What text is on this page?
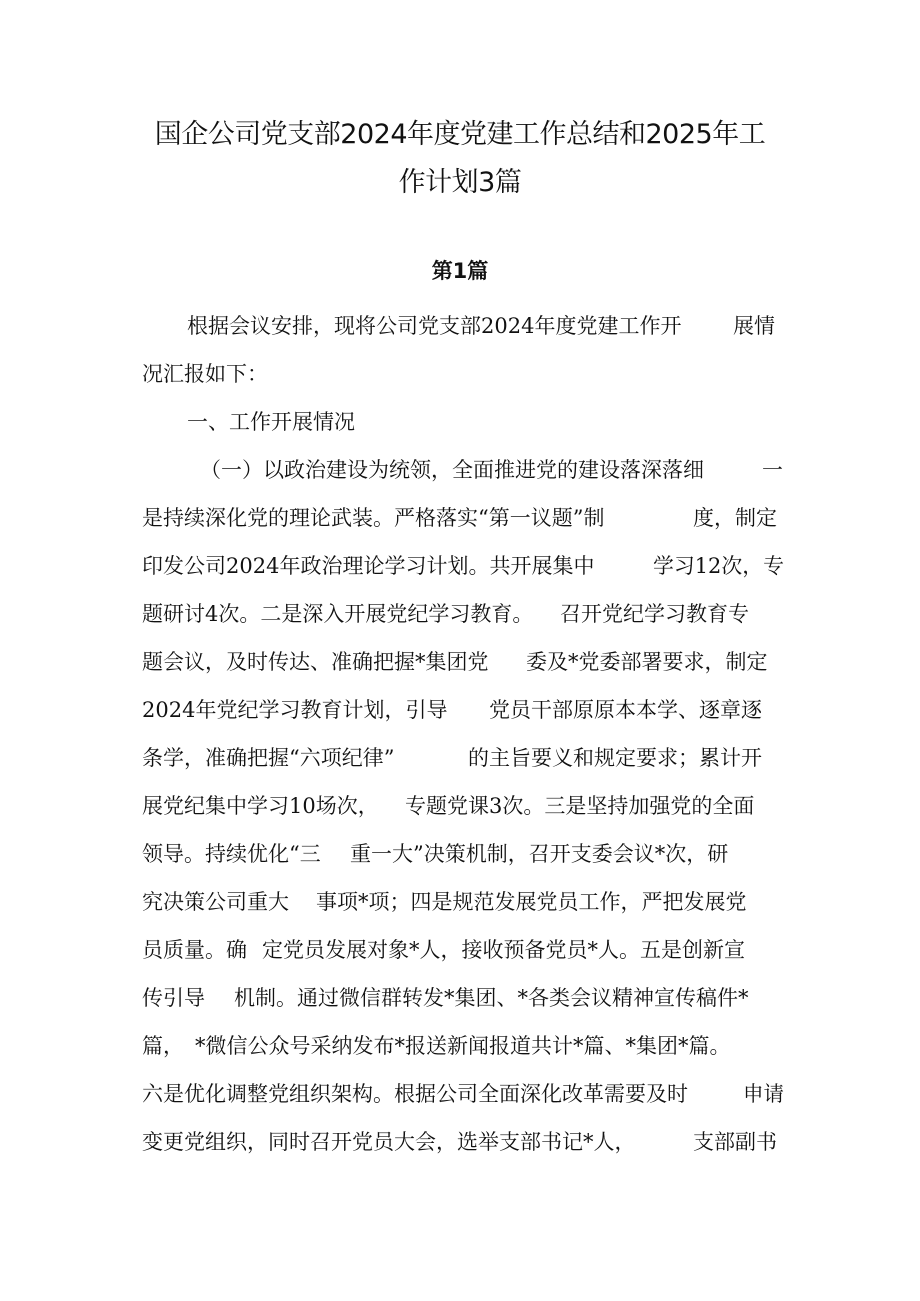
国企公司党支部2024年度党建工作总结和2025年工
作计划3篇
第1篇

根据会议安排，现将公司党支部2024年度党建工作开

展情

况汇报如下：

一、工作开展情况

（一）以政治建设为统领，全面推进党的建设落深落细

	一

是持续深化党的理论武装。严格落实“第一议题”制

	度，制定

印发公司2024年政治理论学习计划。共开展集中

	学习12次，专

题研讨4次。二是深入开展党纪学习教育。

召开党纪学习教育专

题会议，及时传达、准确把握*集团党

委及*党委部署要求，制定

2024年党纪学习教育计划，引导

党员干部原原本本学、逐章逐

条学，准确把握“六项纪律”

	的主旨要义和规定要求；累计开

展党纪集中学习10场次，

专题党课3次。三是坚持加强党的全面

领导。持续优化“三

重一大”决策机制，召开支委会议*次，研

究决策公司重大

事项*项；四是规范发展党员工作，严把发展党

员质量。确

定党员发展对象*人，接收预备党员*人。五是创新宣

传引导

机制。通过微信群转发*集团、*各类会议精神宣传稿件*

篇，

*微信公众号采纳发布*报送新闻报道共计*篇、*集团*篇。

六是优化调整党组织架构。根据公司全面深化改革需要及时

	申请

变更党组织，同时召开党员大会，选举支部书记*人，

	支部副书
